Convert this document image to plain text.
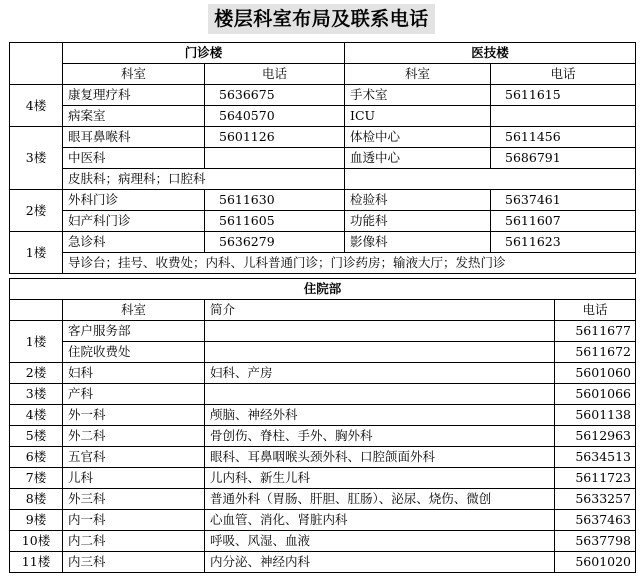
楼层科室布局及联系电话
	门诊楼		医技楼	
	科室	电话	科室	电话
4楼	康复理疗科	5636675	手术室	5611615
	病案室	5640570	ICU	
3楼	眼耳鼻喉科	5601126	体检中心	5611456
	中医科		血透中心	5686791
	皮肤科；病理科；口腔科			
2楼	外科门诊	5611630	检验科	5637461
	妇产科门诊	5611605	功能科	5611607
1楼	急诊科	5636279	影像科	5611623
	导诊台；挂号、收费处；内科、儿科普通门诊；门诊药房；输液大厅；发热门诊			
住院部			
	科室	简介	电话
1楼	客户服务部		5611677
	住院收费处		5611672
2楼	妇科	妇科、产房	5601060
3楼	产科		5601066
4楼	外一科	颅脑、神经外科	5601138
5楼	外二科	骨创伤、脊柱、手外、胸外科	5612963
6楼	五官科	眼科、耳鼻咽喉头颈外科、口腔颌面外科	5634513
7楼	儿科	儿内科、新生儿科	5611723
8楼	外三科	普通外科（胃肠、肝胆、肛肠）、泌尿、烧伤、微创	5633257
9楼	内一科	心血管、消化、肾脏内科	5637463
10楼	内二科	呼吸、风湿、血液	5637798
11楼	内三科	内分泌、神经内科	5601020
